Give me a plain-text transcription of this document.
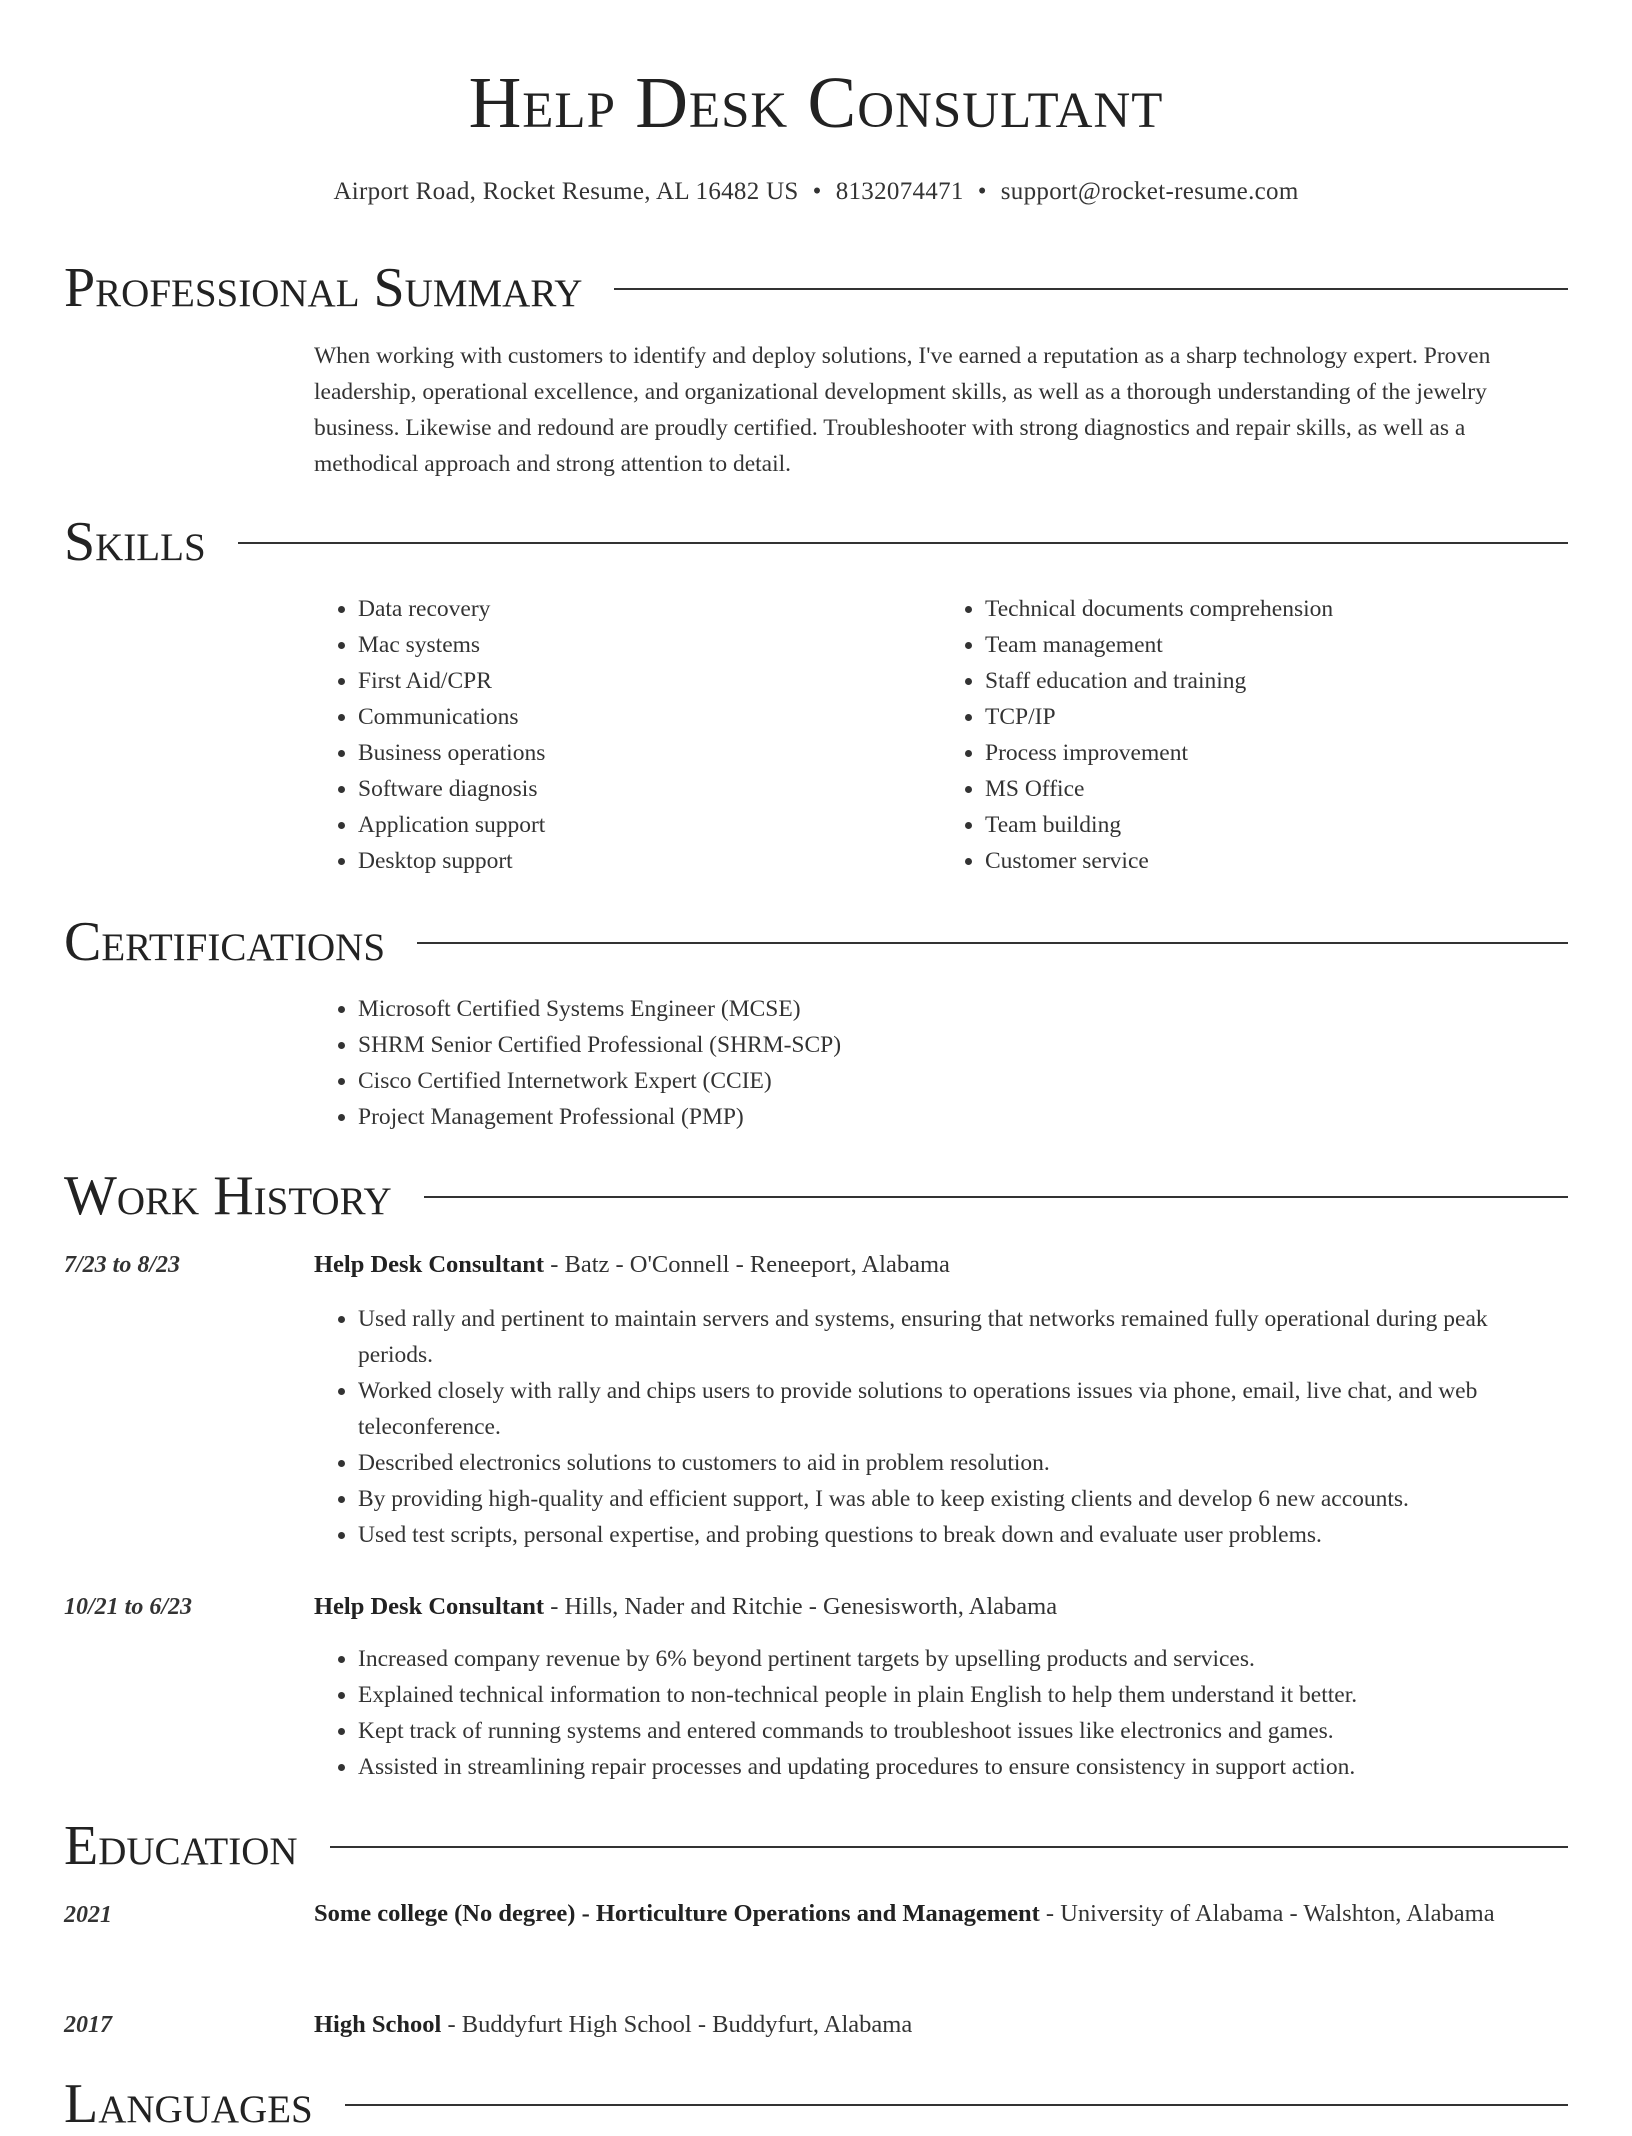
Help Desk Consultant
Airport Road, Rocket Resume, AL 16482 US • 8132074471 • support@rocket-resume.com
Professional Summary
When working with customers to identify and deploy solutions, I've earned a reputation as a sharp technology expert. Proven leadership, operational excellence, and organizational development skills, as well as a thorough understanding of the jewelry business. Likewise and redound are proudly certified. Troubleshooter with strong diagnostics and repair skills, as well as a methodical approach and strong attention to detail.
Skills
• Data recovery
• Mac systems
• First Aid/CPR
• Communications
• Business operations
• Software diagnosis
• Application support
• Desktop support
• Technical documents comprehension
• Team management
• Staff education and training
• TCP/IP
• Process improvement
• MS Office
• Team building
• Customer service
Certifications
• Microsoft Certified Systems Engineer (MCSE)
• SHRM Senior Certified Professional (SHRM-SCP)
• Cisco Certified Internetwork Expert (CCIE)
• Project Management Professional (PMP)
Work History
7/23 to 8/23	Help Desk Consultant - Batz - O'Connell - Reneeport, Alabama
• Used rally and pertinent to maintain servers and systems, ensuring that networks remained fully operational during peak periods.
• Worked closely with rally and chips users to provide solutions to operations issues via phone, email, live chat, and web teleconference.
• Described electronics solutions to customers to aid in problem resolution.
• By providing high-quality and efficient support, I was able to keep existing clients and develop 6 new accounts.
• Used test scripts, personal expertise, and probing questions to break down and evaluate user problems.
10/21 to 6/23	Help Desk Consultant - Hills, Nader and Ritchie - Genesisworth, Alabama
• Increased company revenue by 6% beyond pertinent targets by upselling products and services.
• Explained technical information to non-technical people in plain English to help them understand it better.
• Kept track of running systems and entered commands to troubleshoot issues like electronics and games.
• Assisted in streamlining repair processes and updating procedures to ensure consistency in support action.
Education
2021	Some college (No degree) - Horticulture Operations and Management - University of Alabama - Walshton, Alabama
2017	High School - Buddyfurt High School - Buddyfurt, Alabama
Languages
